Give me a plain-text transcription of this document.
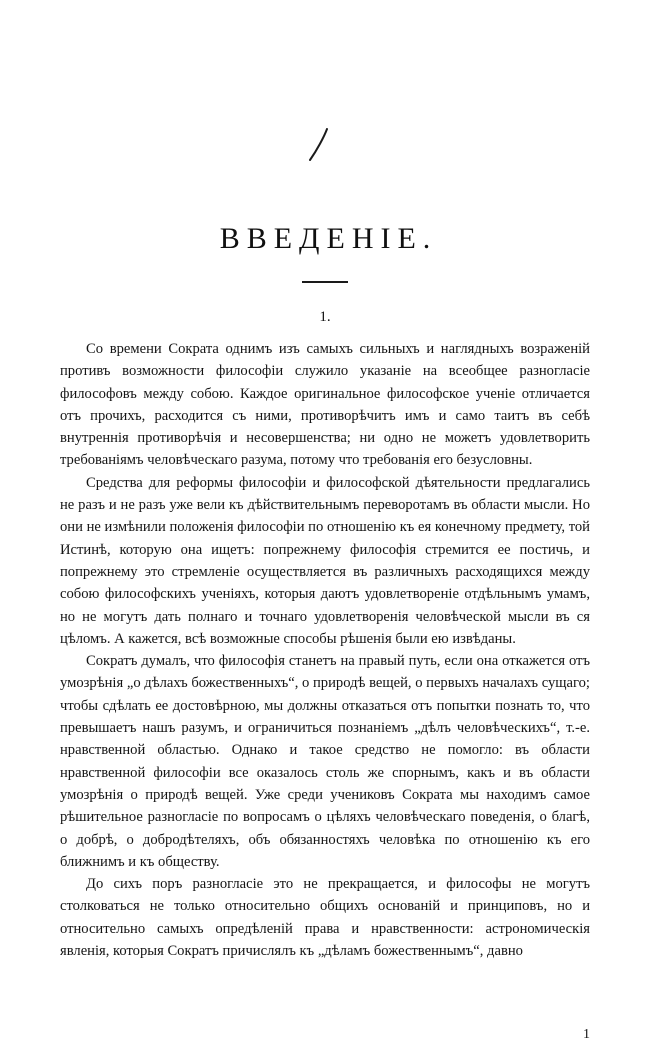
ВВЕДЕНІЕ.
1.

Со времени Сократа однимъ изъ самыхъ сильныхъ и наглядныхъ возраженій противъ возможности философіи служило указаніе на всеобщее разногласіе философовъ между собою. Каждое оригинальное философское ученіе отличается отъ прочихъ, расходится съ ними, противорѣчитъ имъ и само таитъ въ себѣ внутреннія противорѣчія и несовершенства; ни одно не можетъ удовлетворить требованіямъ человѣческаго разума, потому что требованія его безусловны.

Средства для реформы философіи и философской дѣятельности предлагались не разъ и не разъ уже вели къ дѣйствительнымъ переворотамъ въ области мысли. Но они не измѣнили положенія философіи по отношенію къ ея конечному предмету, той Истинѣ, которую она ищетъ: попрежнему философія стремится ее постичь, и попрежнему это стремленіе осуществляется въ различныхъ расходящихся между собою философскихъ ученіяхъ, которыя даютъ удовлетвореніе отдѣльнымъ умамъ, но не могутъ дать полнаго и точнаго удовлетворенія человѣческой мысли въ ся цѣломъ. А кажется, всѣ возможные способы рѣшенія были ею извѣданы.

Сократъ думалъ, что философія станетъ на правый путь, если она откажется отъ умозрѣнія „о дѣлахъ божественныхъ“, о природѣ вещей, о первыхъ началахъ сущаго; чтобы сдѣлать ее достовѣрною, мы должны отказаться отъ попытки познать то, что превышаетъ нашъ разумъ, и ограничиться познаніемъ „дѣлъ человѣческихъ“, т.-е. нравственной областью. Однако и такое средство не помогло: въ области нравственной философіи все оказалось столь же спорнымъ, какъ и въ области умозрѣнія о природѣ вещей. Уже среди учениковъ Сократа мы находимъ самое рѣшительное разногласіе по вопросамъ о цѣляхъ человѣческаго поведенія, о благѣ, о добрѣ, о добродѣтеляхъ, объ обязанностяхъ человѣка по отношенію къ его ближнимъ и къ обществу.

До сихъ поръ разногласіе это не прекращается, и философы не могутъ столковаться не только относительно общихъ основаній и принциповъ, но и относительно самыхъ опредѣленій права и нравственности: астрономическія явленія, которыя Сократъ причислялъ къ „дѣламъ божественнымъ“, давно

1
